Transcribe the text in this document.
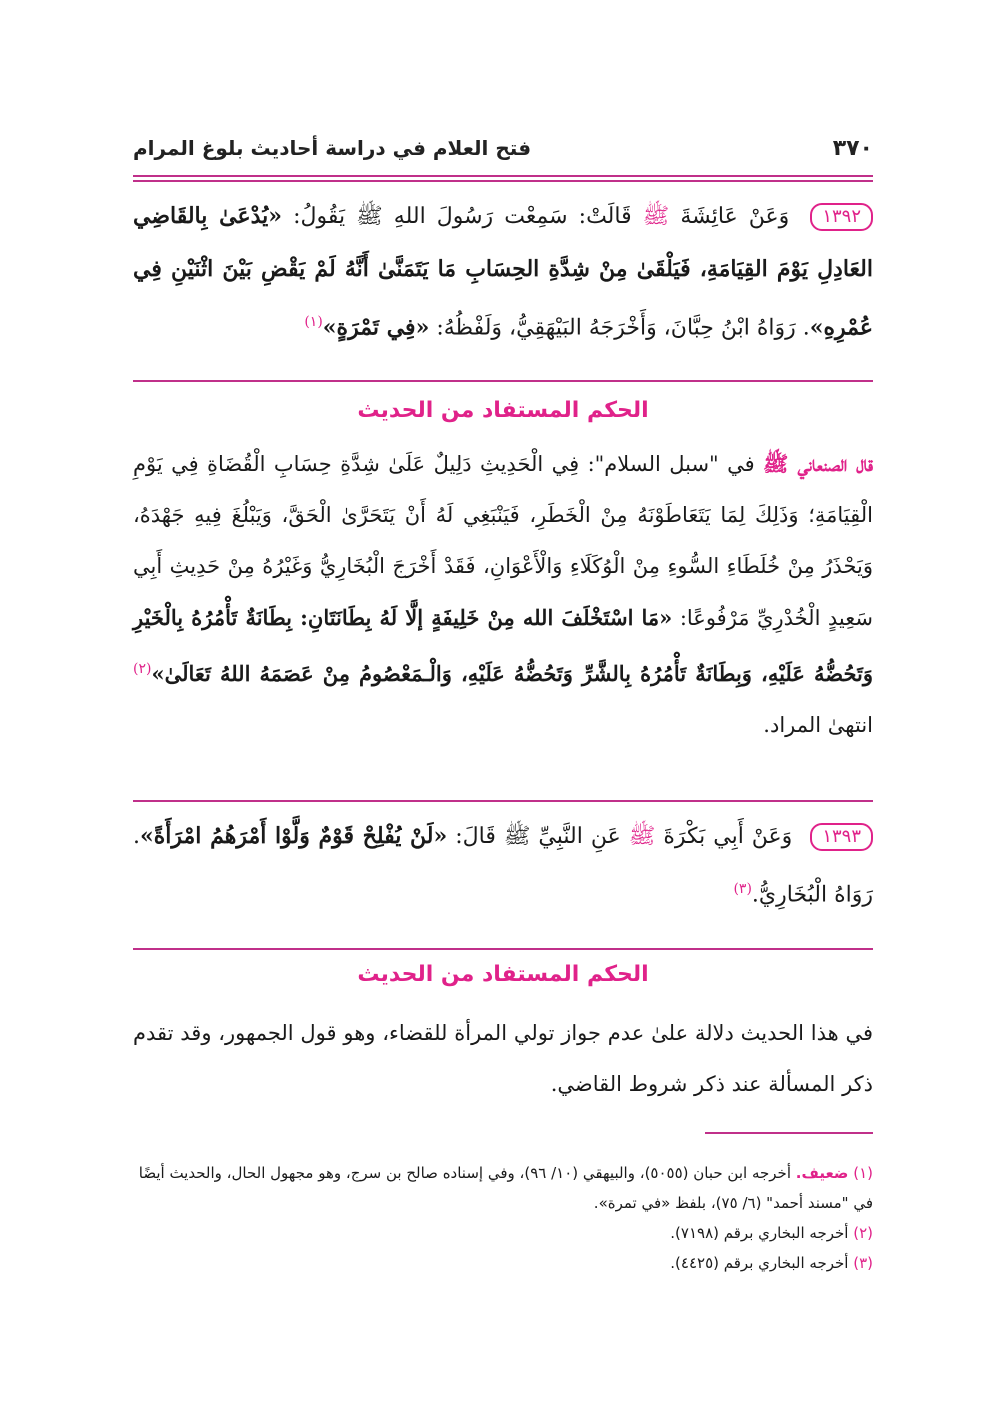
٣٧٠
فتح العلام في دراسة أحاديث بلوغ المرام
١٣٩٢ وَعَنْ عَائِشَةَ ﷺ قَالَتْ: سَمِعْت رَسُولَ اللهِ ﷺ يَقُولُ: «يُدْعَىٰ بِالقَاضِي العَادِلِ يَوْمَ القِيَامَةِ، فَيَلْقَىٰ مِنْ شِدَّةِ الحِسَابِ مَا يَتَمَنَّىٰ أَنَّهُ لَمْ يَقْضِ بَيْنَ اثْنَيْنِ فِي عُمْرِهِ». رَوَاهُ ابْنُ حِبَّانَ، وَأَخْرَجَهُ البَيْهَقِيُّ، وَلَفْظُهُ: «فِي تَمْرَةٍ»$^{(١)}$
الحكم المستفاد من الحديث
قال الصنعاني ﷺ في "سبل السلام": فِي الْحَدِيثِ دَلِيلٌ عَلَىٰ شِدَّةِ حِسَابِ الْقُضَاةِ فِي يَوْمِ الْقِيَامَةِ؛ وَذَلِكَ لِمَا يَتَعَاطَوْنَهُ مِنْ الْخَطَرِ، فَيَنْبَغِي لَهُ أَنْ يَتَحَرَّىٰ الْحَقَّ، وَيَبْلُغَ فِيهِ جَهْدَهُ، وَيَحْذَرُ مِنْ خُلَطَاءِ السُّوءِ مِنْ الْوُكَلَاءِ وَالْأَعْوَانِ، فَقَدْ أَخْرَجَ الْبُخَارِيُّ وَغَيْرُهُ مِنْ حَدِيثِ أَبِي سَعِيدٍ الْخُدْرِيِّ مَرْفُوعًا: «مَا اسْتَخْلَفَ الله مِنْ خَلِيفَةٍ إلَّا لَهُ بِطَانَتَانِ: بِطَانَةٌ تَأْمُرُهُ بِالْخَيْرِ وَتَحُضُّهُ عَلَيْهِ، وَبِطَانَةٌ تَأْمُرُهُ بِالشَّرِّ وَتَحُضُّهُ عَلَيْهِ، وَالْـمَعْصُومُ مِنْ عَصَمَهُ اللهُ تَعَالَىٰ»$^{(٢)}$ انتهىٰ المراد.
١٣٩٣ وَعَنْ أَبِي بَكْرَةَ ﷺ عَنِ النَّبِيِّ ﷺ قَالَ: «لَنْ يُفْلِحْ قَوْمٌ وَلَّوْا أَمْرَهُمُ امْرَأَةً». رَوَاهُ الْبُخَارِيُّ.$^{(٣)}$
الحكم المستفاد من الحديث
في هذا الحديث دلالة علىٰ عدم جواز تولي المرأة للقضاء، وهو قول الجمهور، وقد تقدم ذكر المسألة عند ذكر شروط القاضي.
(١) ضعيف. أخرجه ابن حبان (٥٠٥٥)، والبيهقي (١٠/ ٩٦)، وفي إسناده صالح بن سرج، وهو مجهول الحال، والحديث أيضًا في "مسند أحمد" (٦/ ٧٥)، بلفظ «في تمرة».
(٢) أخرجه البخاري برقم (٧١٩٨).
(٣) أخرجه البخاري برقم (٤٤٢٥).
